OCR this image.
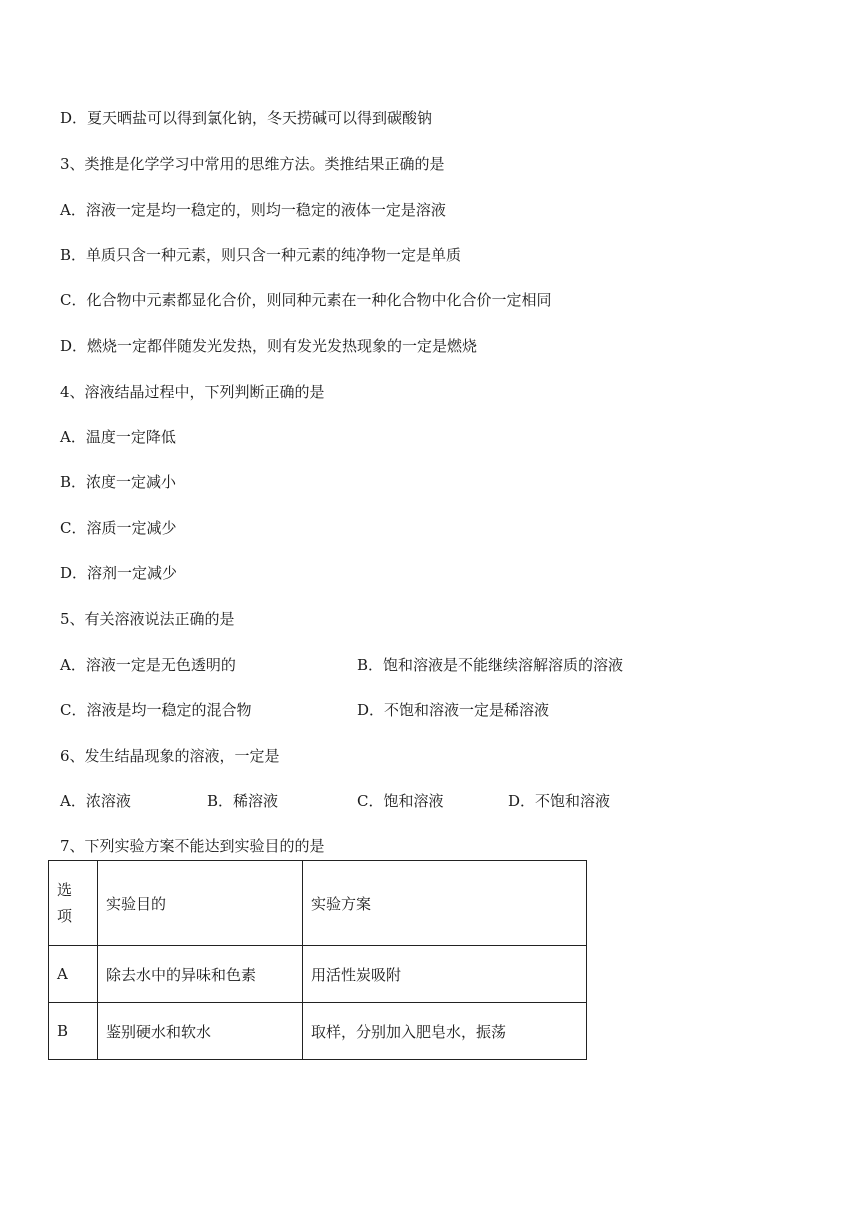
D．夏天晒盐可以得到氯化钠，冬天捞碱可以得到碳酸钠
3、类推是化学学习中常用的思维方法。类推结果正确的是
A．溶液一定是均一稳定的，则均一稳定的液体一定是溶液
B．单质只含一种元素，则只含一种元素的纯净物一定是单质
C．化合物中元素都显化合价，则同种元素在一种化合物中化合价一定相同
D．燃烧一定都伴随发光发热，则有发光发热现象的一定是燃烧
4、溶液结晶过程中，下列判断正确的是
A．温度一定降低
B．浓度一定减小
C．溶质一定减少
D．溶剂一定减少
5、有关溶液说法正确的是
A．溶液一定是无色透明的	B．饱和溶液是不能继续溶解溶质的溶液
C．溶液是均一稳定的混合物	D．不饱和溶液一定是稀溶液
6、发生结晶现象的溶液，一定是
A．浓溶液	B．稀溶液	C．饱和溶液	D．不饱和溶液
7、下列实验方案不能达到实验目的的是
选
项	实验目的	实验方案
A	除去水中的异味和色素	用活性炭吸附
B	鉴别硬水和软水	取样，分别加入肥皂水，振荡
